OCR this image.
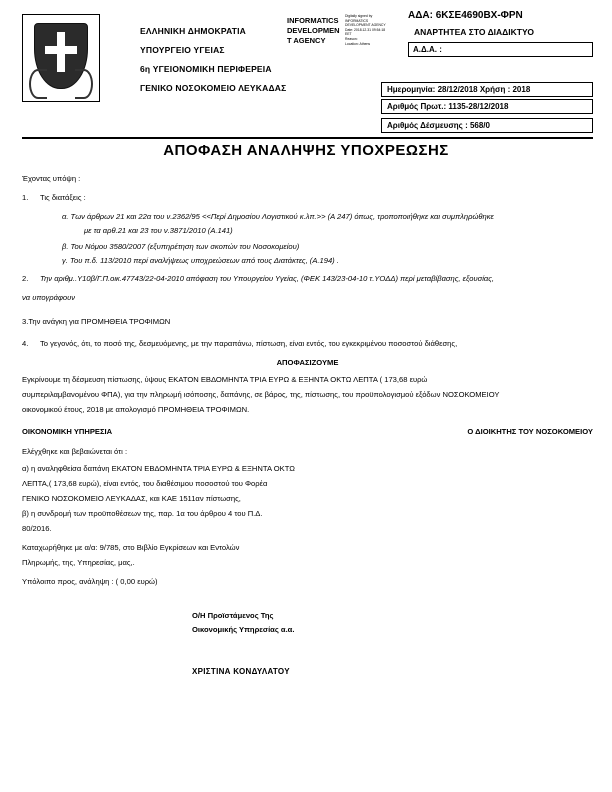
ΕΛΛΗΝΙΚΗ ΔΗΜΟΚΡΑΤΙΑ
ΥΠΟΥΡΓΕΙΟ ΥΓΕΙΑΣ
6η ΥΓΕΙΟΝΟΜΙΚΗ ΠΕΡΙΦΕΡΕΙΑ
ΓΕΝΙΚΟ ΝΟΣΟΚΟΜΕΙΟ ΛΕΥΚΑΔΑΣ
INFORMATICS
DEVELOPMEN
T AGENCY
Digitally signed by
INFORMATICS
DEVELOPMENT AGENCY
Date: 2018.12.31 09:54:18
EET
Reason:
Location: Athens
ΑΔΑ: 6ΚΣΕ4690ΒΧ-ΦΡΝ
ΑΝΑΡΤΗΤΕΑ ΣΤΟ ΔΙΑΔΙΚΤΥΟ
Α.Δ.Α. :
Ημερομηνία: 28/12/2018 Χρήση : 2018
Αριθμός Πρωτ.: 1135-28/12/2018
Αριθμός Δέσμευσης : 568/0
ΑΠΟΦΑΣΗ ΑΝΑΛΗΨΗΣ ΥΠΟΧΡΕΩΣΗΣ

Έχοντας υπόψη :

1.	Τις διατάξεις :
α. Των άρθρων 21 και 22α του ν.2362/95 <<Περί Δημοσίου Λογιστικού κ.λπ.>> (Α 247) όπως, τροποποιήθηκε και συμπληρώθηκε
με τα αρθ.21 και 23 του ν.3871/2010 (Α.141)
β. Του Νόμου 3580/2007 (εξυπηρέτηση των σκοπών του Νοσοκομείου)
γ. Του π.δ. 113/2010 περί αναλήψεως υποχρεώσεων από τους Διατάκτες, (Α.194) .
2.	Την αριθμ..Υ10β/Γ.Π.οικ.47743/22-04-2010 απόφαση του Υπουργείου Υγείας, (ΦΕΚ 143/23-04-10 τ.ΥΟΔΔ) περί μεταβίβασης, εξουσίας,
να υπογράφουν

3.Την ανάγκη για ΠΡΟΜΗΘΕΙΑ ΤΡΟΦΙΜΩΝ

4.	Το γεγονός, ότι, το ποσό της, δεσμευόμενης, με την παραπάνω, πίστωση, είναι εντός, του εγκεκριμένου ποσοστού διάθεσης,
ΑΠΟΦΑΣΙΖΟΥΜΕ

Εγκρίνουμε τη δέσμευση πίστωσης, ύψους ΕΚΑΤΟΝ ΕΒΔΟΜΗΝΤΑ ΤΡΙΑ ΕΥΡΩ & ΕΞΗΝΤΑ ΟΚΤΩ ΛΕΠΤΑ ( 173,68 ευρώ

συμπεριλαμβανομένου ΦΠΑ), για την πληρωμή ισόποσης, δαπάνης, σε βάρος, της, πίστωσης, του προϋπολογισμού εξόδων ΝΟΣΟΚΟΜΕΙΟΥ

οικονομικού έτους, 2018 με απολογισμό ΠΡΟΜΗΘΕΙΑ ΤΡΟΦΙΜΩΝ.

ΟΙΚΟΝΟΜΙΚΗ ΥΠΗΡΕΣΙΑ	Ο ΔΙΟΙΚΗΤΗΣ ΤΟΥ ΝΟΣΟΚΟΜΕΙΟΥ

Ελέγχθηκε και βεβαιώνεται ότι :

α) η αναληφθείσα δαπάνη ΕΚΑΤΟΝ ΕΒΔΟΜΗΝΤΑ ΤΡΙΑ ΕΥΡΩ & ΕΞΗΝΤΑ ΟΚΤΩ

ΛΕΠΤΑ,( 173,68 ευρώ), είναι εντός, του διαθέσιμου ποσοστού του Φορέα

ΓΕΝΙΚΟ ΝΟΣΟΚΟΜΕΙΟ ΛΕΥΚΑΔΑΣ, και ΚΑΕ 1511αν πίστωσης,

β) η συνδρομή των προϋποθέσεων της, παρ. 1α του άρθρου 4 του Π.Δ.

80/2016.

Καταχωρήθηκε με α/α: 9/785, στο Βιβλίο Εγκρίσεων και Εντολών

Πληρωμής, της, Υπηρεσίας, μας,.

Υπόλοιπο προς, ανάληψη : ( 0,00 ευρώ)

Ο/Η Προϊστάμενος Της
Οικονομικής Υπηρεσίας α.α.
ΧΡΙΣΤΙΝΑ ΚΟΝΔΥΛΑΤΟΥ
